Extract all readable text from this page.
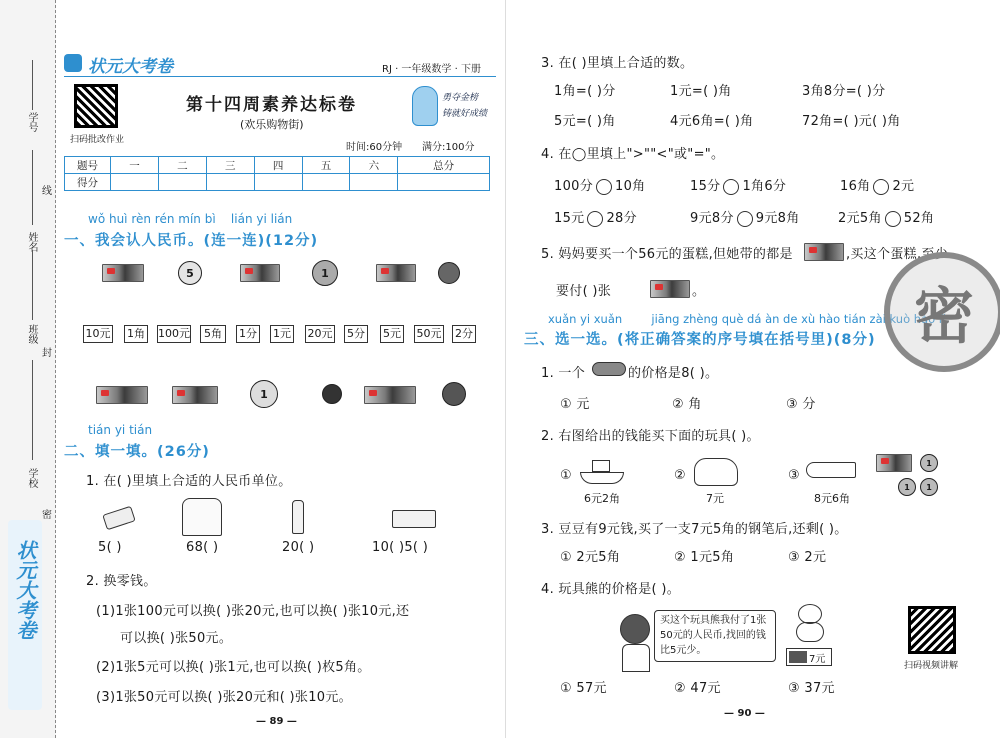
状元大考卷
学号
姓名
班级
学校
线
封
密
状元大考卷	RJ · 一年级数学 · 下册
扫码批改作业
第十四周素养达标卷
(欢乐购物街)
时间:60分钟 满分:100分
勇夺金榜
铸就好成绩
题号	一	二	三	四	五	六	总分
得分							
wǒ huì rèn rén mín bì    lián yi lián
一、我会认人民币。(连一连)(12分)
5	1
10元 1角 100元	5角	1分 1元 20元 5分 5元 50元 2分
1
tián yi tián
二、填一填。(26分)
1. 在( )里填上合适的人民币单位。
5( )	68( )	20( )	10( )5( )
2. 换零钱。
(1)1张100元可以换( )张20元,也可以换( )张10元,还
可以换( )张50元。
(2)1张5元可以换( )张1元,也可以换( )枚5角。
(3)1张50元可以换( )张20元和( )张10元。
— 89 —
3. 在( )里填上合适的数。
1角=( )分	1元=( )角	3角8分=( )分
5元=( )角	4元6角=( )角	72角=( )元( )角
4. 在◯里填上">""<"或"="。
100分 10角	15分 1角6分	16角 2元
15元 28分	9元8分 9元8角	2元5角 52角
5. 妈妈要买一个56元的蛋糕,但她带的都是	,买这个蛋糕,至少
要付( )张	。
xuǎn yi xuǎn        jiāng zhèng què dá àn de xù hào tián zài kuò hào lǐ
三、选一选。(将正确答案的序号填在括号里)(8分)
1. 一个	的价格是8( )。
① 元	② 角	③ 分
2. 右图给出的钱能买下面的玩具( )。
①
6元2角
②
7元
③
8元6角
1
1	1
3. 豆豆有9元钱,买了一支7元5角的钢笔后,还剩( )。
① 2元5角	② 1元5角	③ 2元
4. 玩具熊的价格是( )。
买这个玩具熊我付了1张50元的人民币,找回的钱比5元少。
7元
扫码视频讲解
① 57元	② 47元	③ 37元
— 90 —
密
